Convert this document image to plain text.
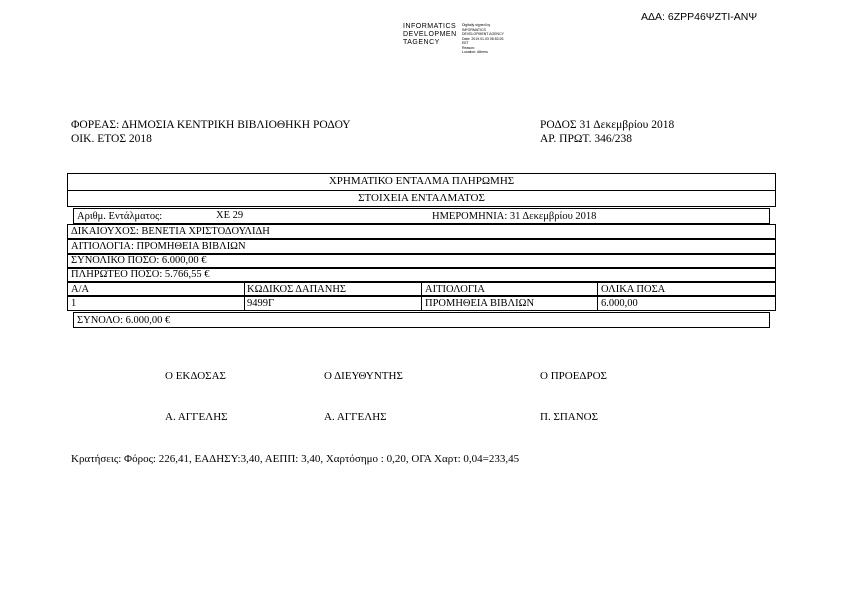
ΑΔΑ: 6ΖΡΡ46ΨΖΤΙ-ΑΝΨ
INFORMATICS
DEVELOPMEN
TAGENCY
Digitally signed by
INFORMATICS
DEVELOPMENT AGENCY
Date: 2019.01.03 08:53:26
EET
Reason:
Location: Athens
ΦΟΡΕΑΣ: ΔΗΜΟΣΙΑ ΚΕΝΤΡΙΚΗ ΒΙΒΛΙΟΘΗΚΗ ΡΟΔΟΥ
ΟΙΚ. ΕΤΟΣ 2018
ΡΟΔΟΣ 31 Δεκεμβρίου 2018
ΑΡ. ΠΡΩΤ. 346/238
ΧΡΗΜΑΤΙΚΟ ΕΝΤΑΛΜΑ ΠΛΗΡΩΜΗΣ
ΣΤΟΙΧΕΙΑ ΕΝΤΑΛΜΑΤΟΣ
Αριθμ. Εντάλματος:	ΧΕ 29	ΗΜΕΡΟΜΗΝΙΑ: 31 Δεκεμβρίου 2018
ΔΙΚΑΙΟΥΧΟΣ: ΒΕΝΕΤΙΑ ΧΡΙΣΤΟΔΟΥΛΙΔΗ
ΑΙΤΙΟΛΟΓΙΑ: ΠΡΟΜΗΘΕΙΑ ΒΙΒΛΙΩΝ
ΣΥΝΟΛΙΚΟ ΠΟΣΟ: 6.000,00 €
ΠΛΗΡΩΤΕΟ ΠΟΣΟ: 5.766,55 €
Α/Α	ΚΩΔΙΚΟΣ ΔΑΠΑΝΗΣ	ΑΙΤΙΟΛΟΓΙΑ	ΟΛΙΚΑ ΠΟΣΑ
1	9499Γ	ΠΡΟΜΗΘΕΙΑ ΒΙΒΛΙΩΝ	6.000,00
ΣΥΝΟΛΟ: 6.000,00 €
Ο ΕΚΔΟΣΑΣ	Ο ΔΙΕΥΘΥΝΤΗΣ	Ο ΠΡΟΕΔΡΟΣ
Α. ΑΓΓΕΛΗΣ	Α. ΑΓΓΕΛΗΣ	Π. ΣΠΑΝΟΣ
Κρατήσεις: Φόρος: 226,41, ΕΑΔΗΣΥ:3,40, ΑΕΠΠ: 3,40, Χαρτόσημο : 0,20, ΟΓΑ Χαρτ: 0,04=233,45
